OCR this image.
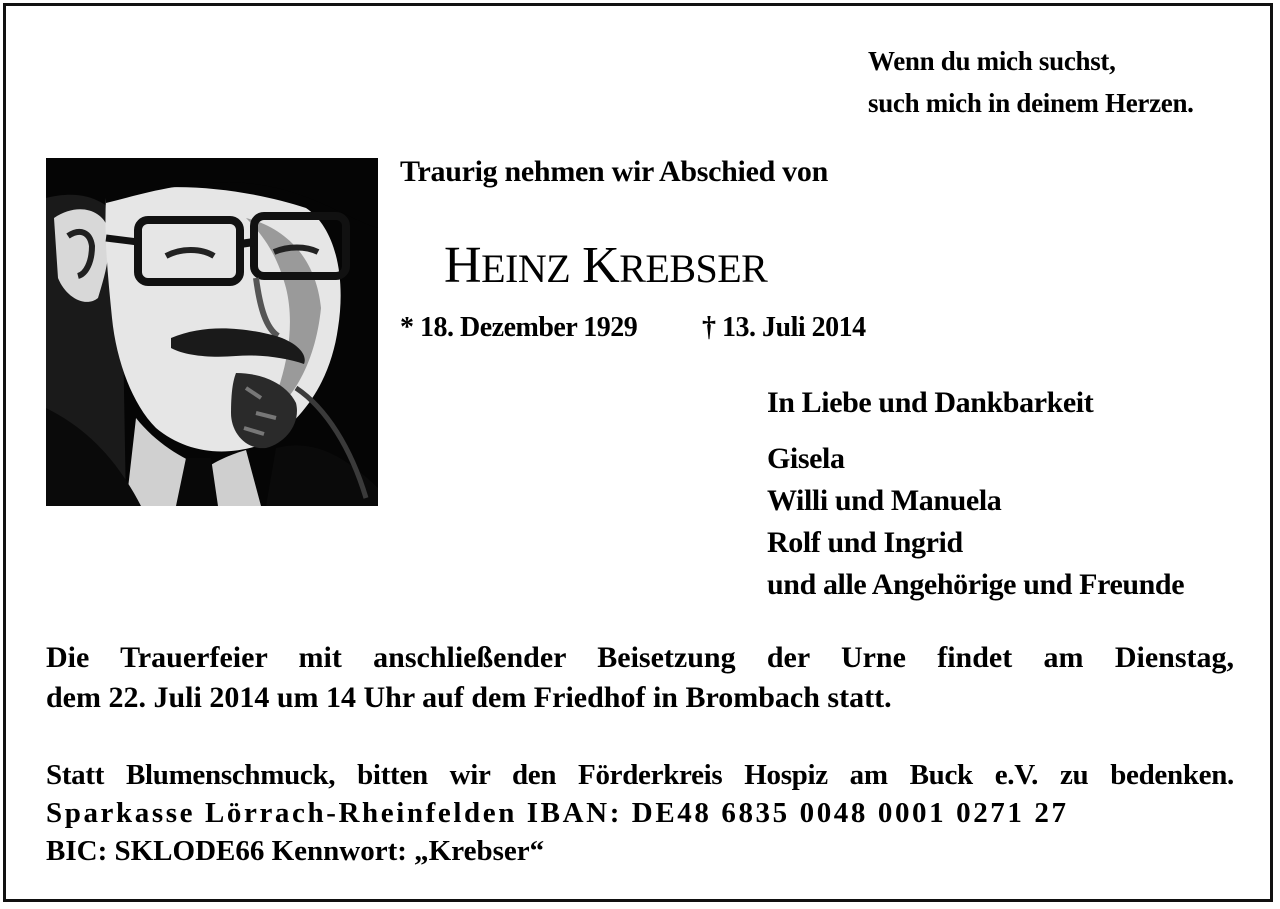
Wenn du mich suchst,
such mich in deinem Herzen.
Traurig nehmen wir Abschied von
HEINZ KREBSER
* 18. Dezember 1929 † 13. Juli 2014
In Liebe und Dankbarkeit
Gisela
Willi und Manuela
Rolf und Ingrid
und alle Angehörige und Freunde
Die Trauerfeier mit anschließender Beisetzung der Urne findet am Dienstag,
dem 22. Juli 2014 um 14 Uhr auf dem Friedhof in Brombach statt.
Statt Blumenschmuck, bitten wir den Förderkreis Hospiz am Buck e.V. zu bedenken.
Sparkasse Lörrach-Rheinfelden IBAN: DE48 6835 0048 0001 0271 27
BIC: SKLODE66 Kennwort: „Krebser“
